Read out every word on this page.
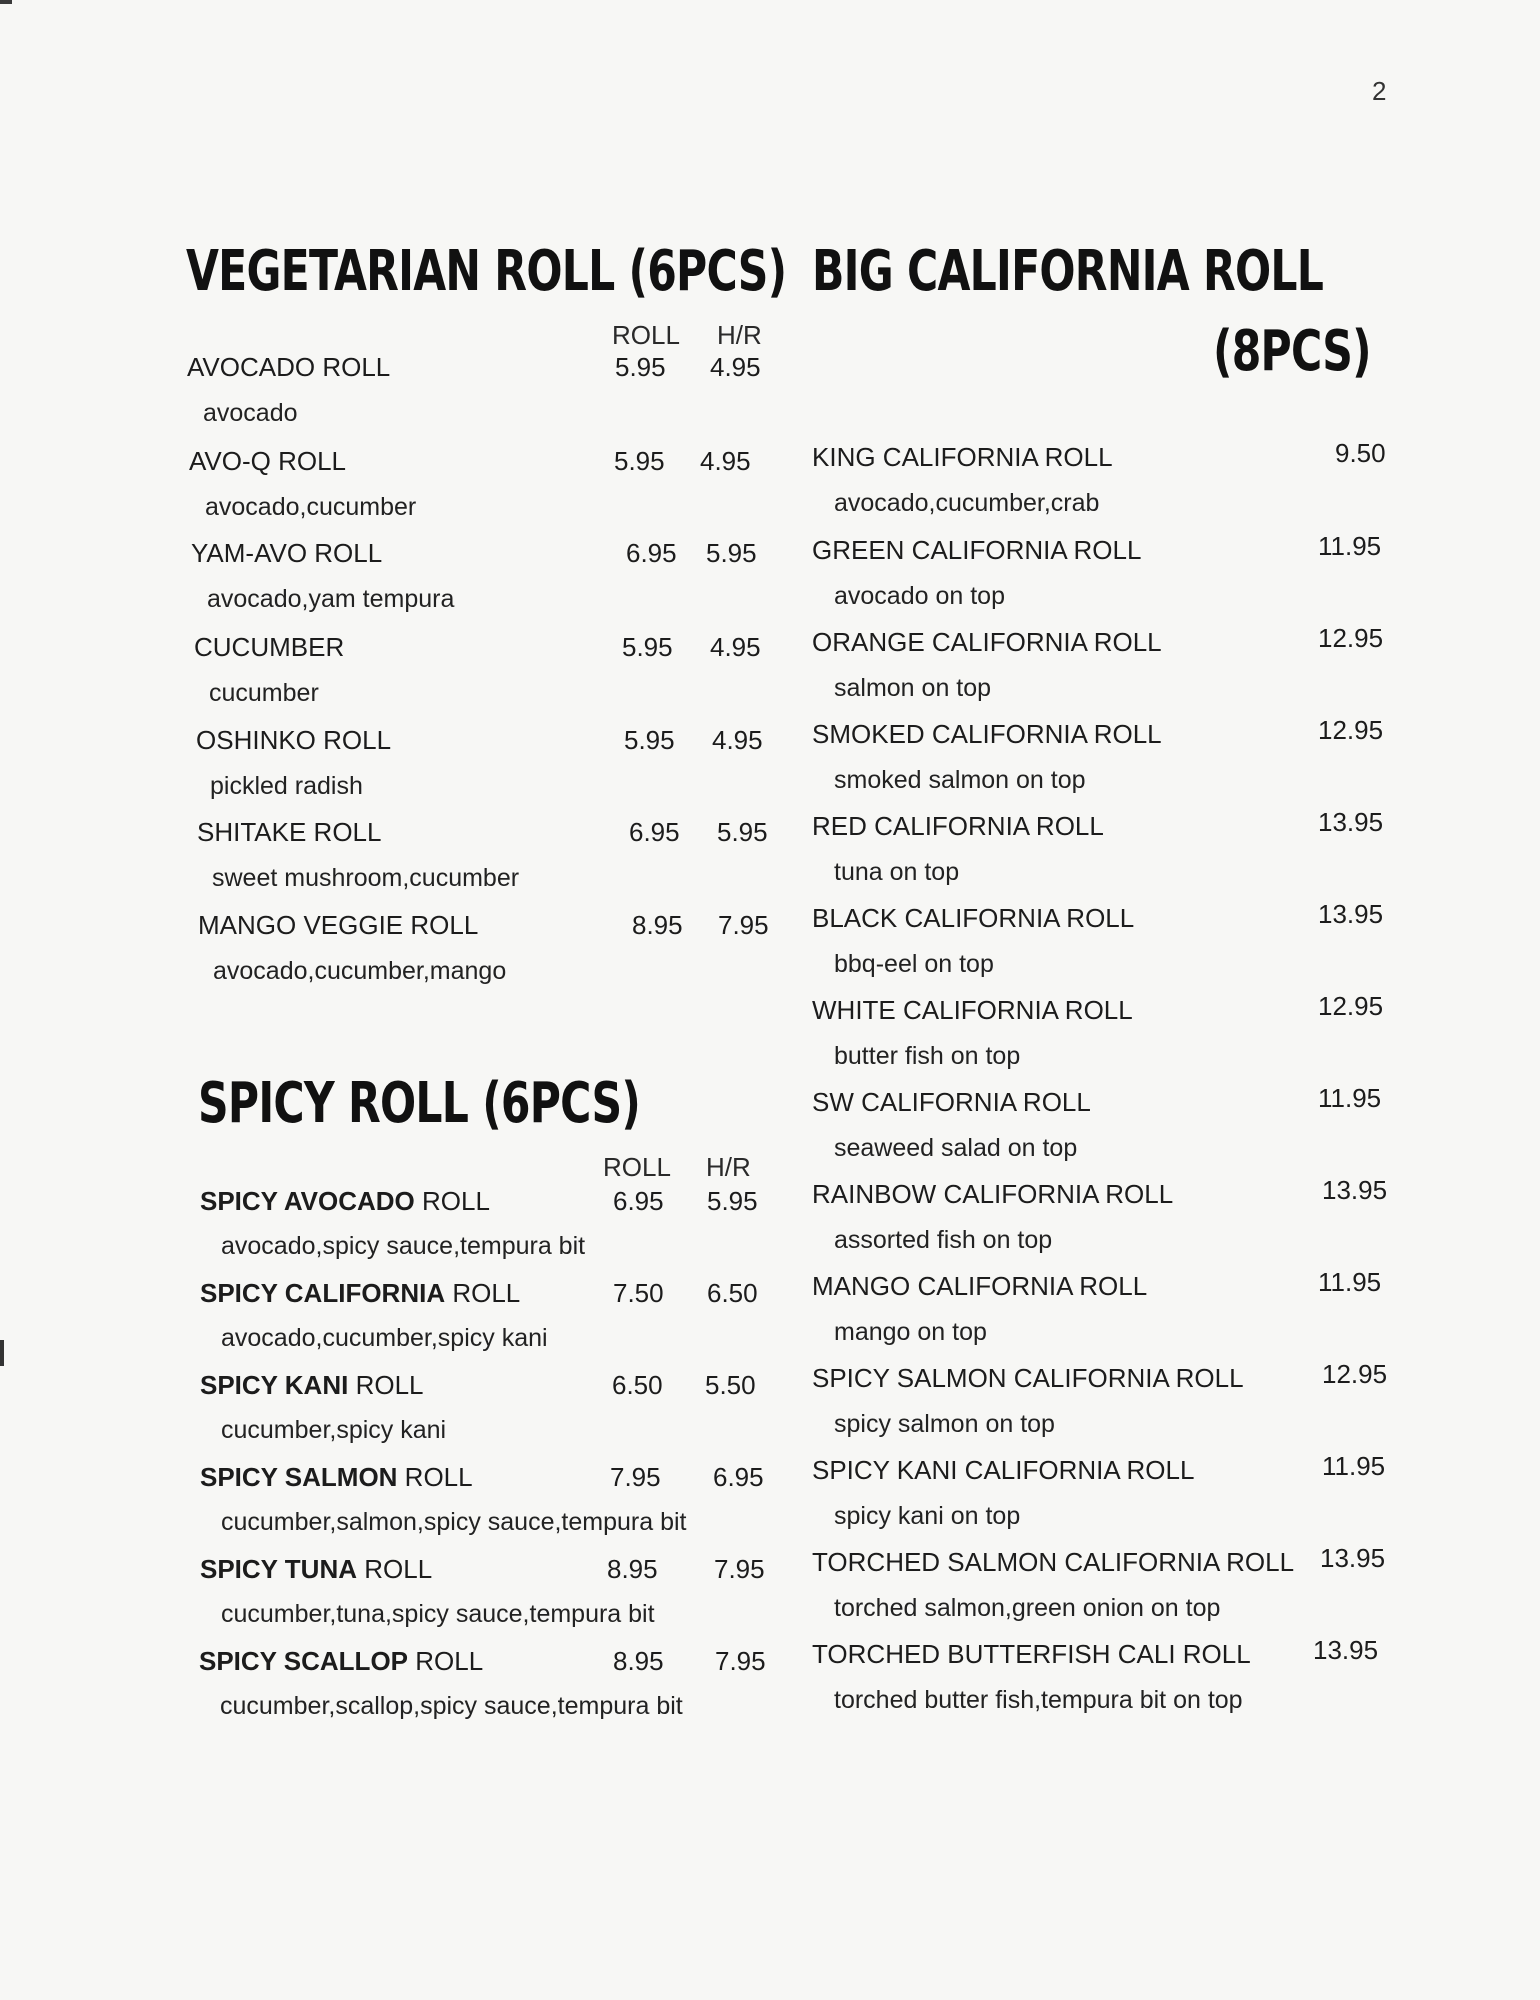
2
VEGETARIAN ROLL (6PCS)
ROLL H/R
AVOCADO ROLL	5.95 4.95
avocado
AVO-Q ROLL	5.95 4.95
avocado,cucumber
YAM-AVO ROLL	6.95 5.95
avocado,yam tempura
CUCUMBER	5.95 4.95
cucumber
OSHINKO ROLL	5.95 4.95
pickled radish
SHITAKE ROLL	6.95 5.95
sweet mushroom,cucumber
MANGO VEGGIE ROLL	8.95 7.95
avocado,cucumber,mango
SPICY ROLL (6PCS)
ROLL H/R
SPICY AVOCADO ROLL	6.95 5.95
avocado,spicy sauce,tempura bit
SPICY CALIFORNIA ROLL	7.50 6.50
avocado,cucumber,spicy kani
SPICY KANI ROLL	6.50 5.50
cucumber,spicy kani
SPICY SALMON ROLL	7.95 6.95
cucumber,salmon,spicy sauce,tempura bit
SPICY TUNA ROLL	8.95 7.95
cucumber,tuna,spicy sauce,tempura bit
SPICY SCALLOP ROLL	8.95 7.95
cucumber,scallop,spicy sauce,tempura bit
BIG CALIFORNIA ROLL
(8PCS)
KING CALIFORNIA ROLL	9.50
avocado,cucumber,crab
GREEN CALIFORNIA ROLL	11.95
avocado on top
ORANGE CALIFORNIA ROLL	12.95
salmon on top
SMOKED CALIFORNIA ROLL	12.95
smoked salmon on top
RED CALIFORNIA ROLL	13.95
tuna on top
BLACK CALIFORNIA ROLL	13.95
bbq-eel on top
WHITE CALIFORNIA ROLL	12.95
butter fish on top
SW CALIFORNIA ROLL	11.95
seaweed salad on top
RAINBOW CALIFORNIA ROLL	13.95
assorted fish on top
MANGO CALIFORNIA ROLL	11.95
mango on top
SPICY SALMON CALIFORNIA ROLL	12.95
spicy salmon on top
SPICY KANI CALIFORNIA ROLL	11.95
spicy kani on top
TORCHED SALMON CALIFORNIA ROLL 13.95
torched salmon,green onion on top
TORCHED BUTTERFISH CALI ROLL 13.95
torched butter fish,tempura bit on top
